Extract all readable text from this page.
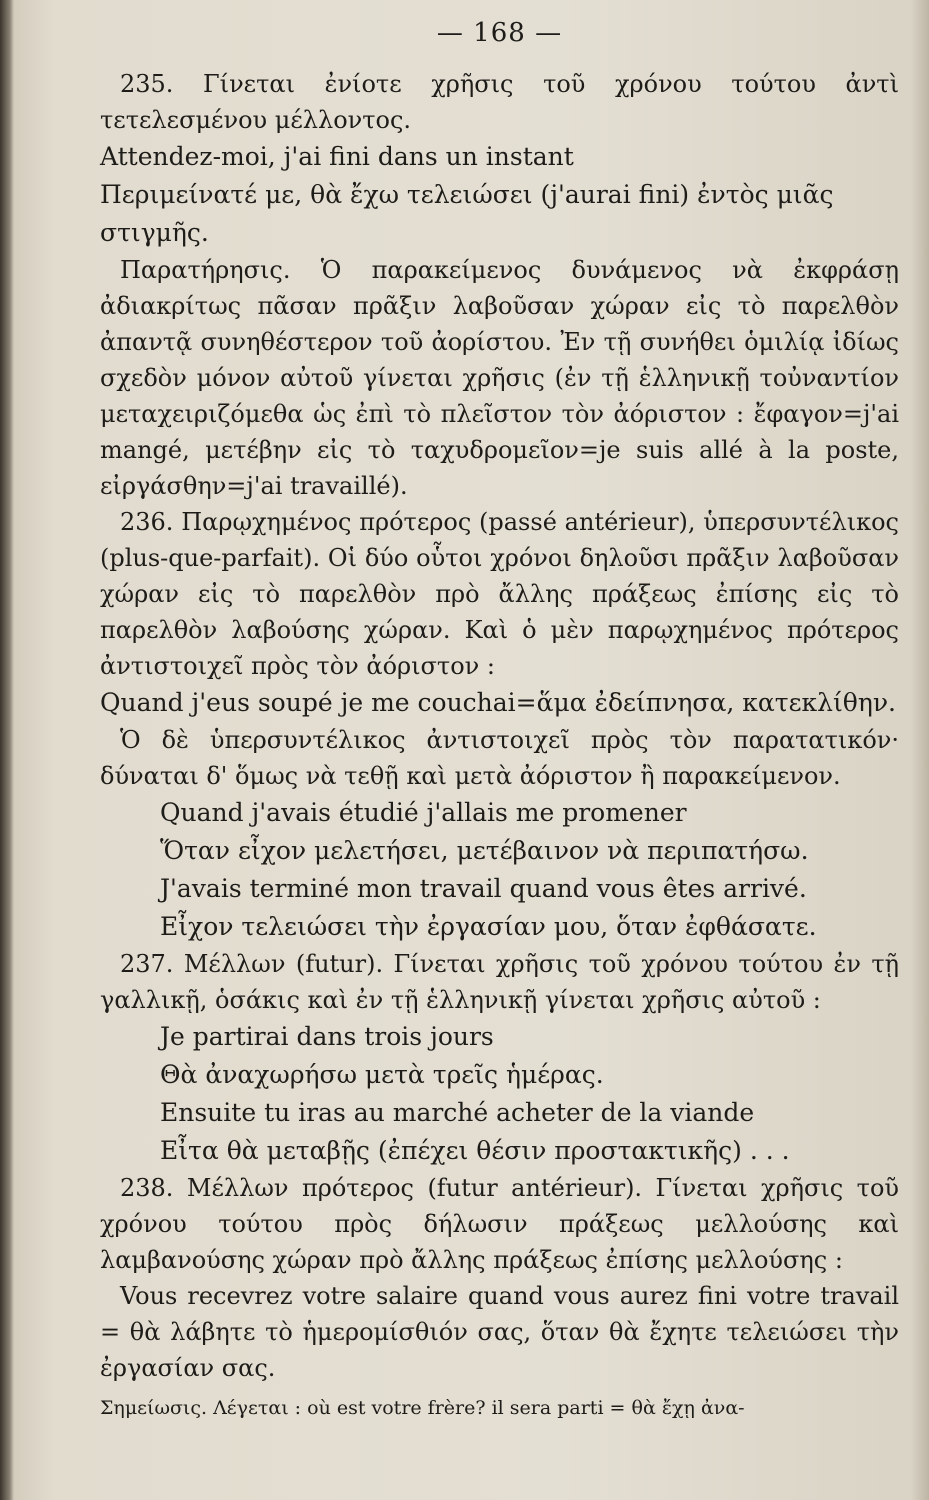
— 168 —

235. Γίνεται ἐνίοτε χρῆσις τοῦ χρόνου τούτου ἀντὶ τετελεσμένου μέλλοντος.

Attendez-moi, j'ai fini dans un instant
Περιμείνατέ με, θὰ ἔχω τελειώσει (j'aurai fini) ἐντὸς μιᾶς στιγμῆς.

Παρατήρησις. Ὁ παρακείμενος δυνάμενος νὰ ἐκφράσῃ ἀδιακρίτως πᾶσαν πρᾶξιν λαβοῦσαν χώραν εἰς τὸ παρελθὸν ἀπαντᾷ συνηθέστερον τοῦ ἀορίστου. Ἐν τῇ συνήθει ὁμιλίᾳ ἰδίως σχεδὸν μόνον αὐτοῦ γίνεται χρῆσις (ἐν τῇ ἑλληνικῇ τοὐναντίον μεταχειριζόμεθα ὡς ἐπὶ τὸ πλεῖστον τὸν ἀόριστον : ἔφαγον=j'ai mangé, μετέβην εἰς τὸ ταχυδρομεῖον=je suis allé à la poste, εἰργάσθην=j'ai travaillé).

236. Παρῳχημένος πρότερος (passé antérieur), ὑπερσυντέλικος (plus-que-parfait). Οἱ δύο οὗτοι χρόνοι δηλοῦσι πρᾶξιν λαβοῦσαν χώραν εἰς τὸ παρελθὸν πρὸ ἄλλης πράξεως ἐπίσης εἰς τὸ παρελθὸν λαβούσης χώραν. Καὶ ὁ μὲν παρῳχημένος πρότερος ἀντιστοιχεῖ πρὸς τὸν ἀόριστον :

Quand j'eus soupé je me couchai=ἅμα ἐδείπνησα, κατεκλίθην.

Ὁ δὲ ὑπερσυντέλικος ἀντιστοιχεῖ πρὸς τὸν παρατατικόν· δύναται δ' ὅμως νὰ τεθῇ καὶ μετὰ ἀόριστον ἢ παρακείμενον.

Quand j'avais étudié j'allais me promener
Ὅταν εἶχον μελετήσει, μετέβαινον νὰ περιπατήσω.
J'avais terminé mon travail quand vous êtes arrivé.
Εἶχον τελειώσει τὴν ἐργασίαν μου, ὅταν ἐφθάσατε.

237. Μέλλων (futur). Γίνεται χρῆσις τοῦ χρόνου τούτου ἐν τῇ γαλλικῇ, ὁσάκις καὶ ἐν τῇ ἑλληνικῇ γίνεται χρῆσις αὐτοῦ :

Je partirai dans trois jours
Θὰ ἀναχωρήσω μετὰ τρεῖς ἡμέρας.
Ensuite tu iras au marché acheter de la viande
Εἶτα θὰ μεταβῇς (ἐπέχει θέσιν προστακτικῆς) . . .

238. Μέλλων πρότερος (futur antérieur). Γίνεται χρῆσις τοῦ χρόνου τούτου πρὸς δήλωσιν πράξεως μελλούσης καὶ λαμβανούσης χώραν πρὸ ἄλλης πράξεως ἐπίσης μελλούσης :

Vous recevrez votre salaire quand vous aurez fini votre travail = θὰ λάβητε τὸ ἡμερομίσθιόν σας, ὅταν θὰ ἔχητε τελειώσει τὴν ἐργασίαν σας.

Σημείωσις. Λέγεται : où est votre frère? il sera parti = θὰ ἔχῃ ἀνα-
